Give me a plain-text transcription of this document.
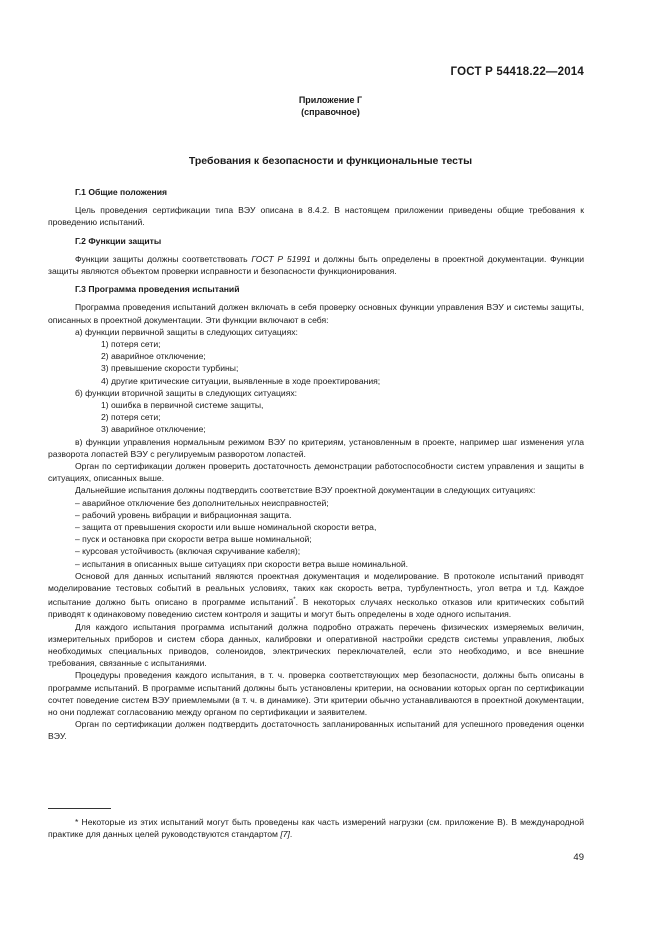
ГОСТ Р 54418.22—2014
Приложение Г
(справочное)
Требования к безопасности и функциональные тесты

Г.1 Общие положения

Цель проведения сертификации типа ВЭУ описана в 8.4.2. В настоящем приложении приведены общие требования к проведению испытаний.

Г.2 Функции защиты

Функции защиты должны соответствовать ГОСТ Р 51991 и должны быть определены в проектной документации. Функции защиты являются объектом проверки исправности и безопасности функционирования.

Г.3 Программа проведения испытаний

Программа проведения испытаний должен включать в себя проверку основных функции управления ВЭУ и системы защиты, описанных в проектной документации. Эти функции включают в себя:

а) функции первичной защиты в следующих ситуациях:

1) потеря сети;

2) аварийное отключение;

3) превышение скорости турбины;

4) другие критические ситуации, выявленные в ходе проектирования;

б) функции вторичной защиты в следующих ситуациях:

1) ошибка в первичной системе защиты,

2) потеря сети;

3) аварийное отключение;

в) функции управления нормальным режимом ВЭУ по критериям, установленным в проекте, например шаг изменения угла разворота лопастей ВЭУ с регулируемым разворотом лопастей.

Орган по сертификации должен проверить достаточность демонстрации работоспособности систем управления и защиты в ситуациях, описанных выше.

Дальнейшие испытания должны подтвердить соответствие ВЭУ проектной документации в следующих ситуациях:

– аварийное отключение без дополнительных неисправностей;

– рабочий уровень вибрации и вибрационная защита.

– защита от превышения скорости или выше номинальной скорости ветра,

– пуск и остановка при скорости ветра выше номинальной;

– курсовая устойчивость (включая скручивание кабеля);

– испытания в описанных выше ситуациях при скорости ветра выше номинальной.

Основой для данных испытаний являются проектная документация и моделирование. В протоколе испытаний приводят моделирование тестовых событий в реальных условиях, таких как скорость ветра, турбулентность, угол ветра и т.д. Каждое испытание должно быть описано в программе испытаний*. В некоторых случаях несколько отказов или критических событий приводят к одинаковому поведению систем контроля и защиты и могут быть определены в ходе одного испытания.

Для каждого испытания программа испытаний должна подробно отражать перечень физических измеряемых величин, измерительных приборов и систем сбора данных, калибровки и оперативной настройки средств системы управления, любых необходимых специальных приводов, соленоидов, электрических переключателей, если это необходимо, и все внешние требования, связанные с испытаниями.

Процедуры проведения каждого испытания, в т. ч. проверка соответствующих мер безопасности, должны быть описаны в программе испытаний. В программе испытаний должны быть установлены критерии, на основании которых орган по сертификации сочтет поведение систем ВЭУ приемлемыми (в т. ч. в динамике). Эти критерии обычно устанавливаются в проектной документации, но они подлежат согласованию между органом по сертификации и заявителем.

Орган по сертификации должен подтвердить достаточность запланированных испытаний для успешного проведения оценки ВЭУ.

* Некоторые из этих испытаний могут быть проведены как часть измерений нагрузки (см. приложение В). В международной практике для данных целей руководствуются стандартом [7].

49
